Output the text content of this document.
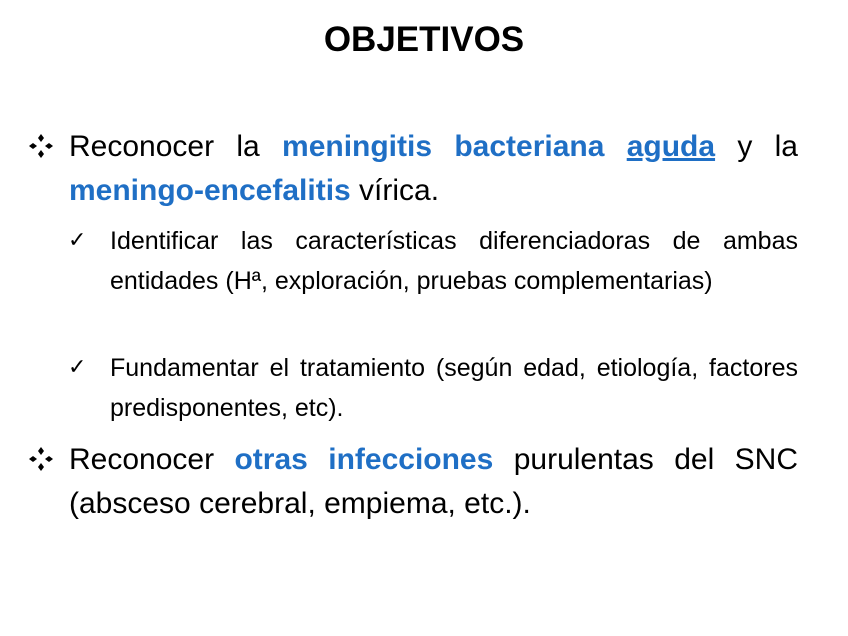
OBJETIVOS
Reconocer la meningitis bacteriana aguda y la meningo-encefalitis vírica.
✓ Identificar las características diferenciadoras de ambas entidades (Hª, exploración, pruebas complementarias)
✓ Fundamentar el tratamiento (según edad, etiología, factores predisponentes, etc).
Reconocer otras infecciones purulentas del SNC (absceso cerebral, empiema, etc.).
